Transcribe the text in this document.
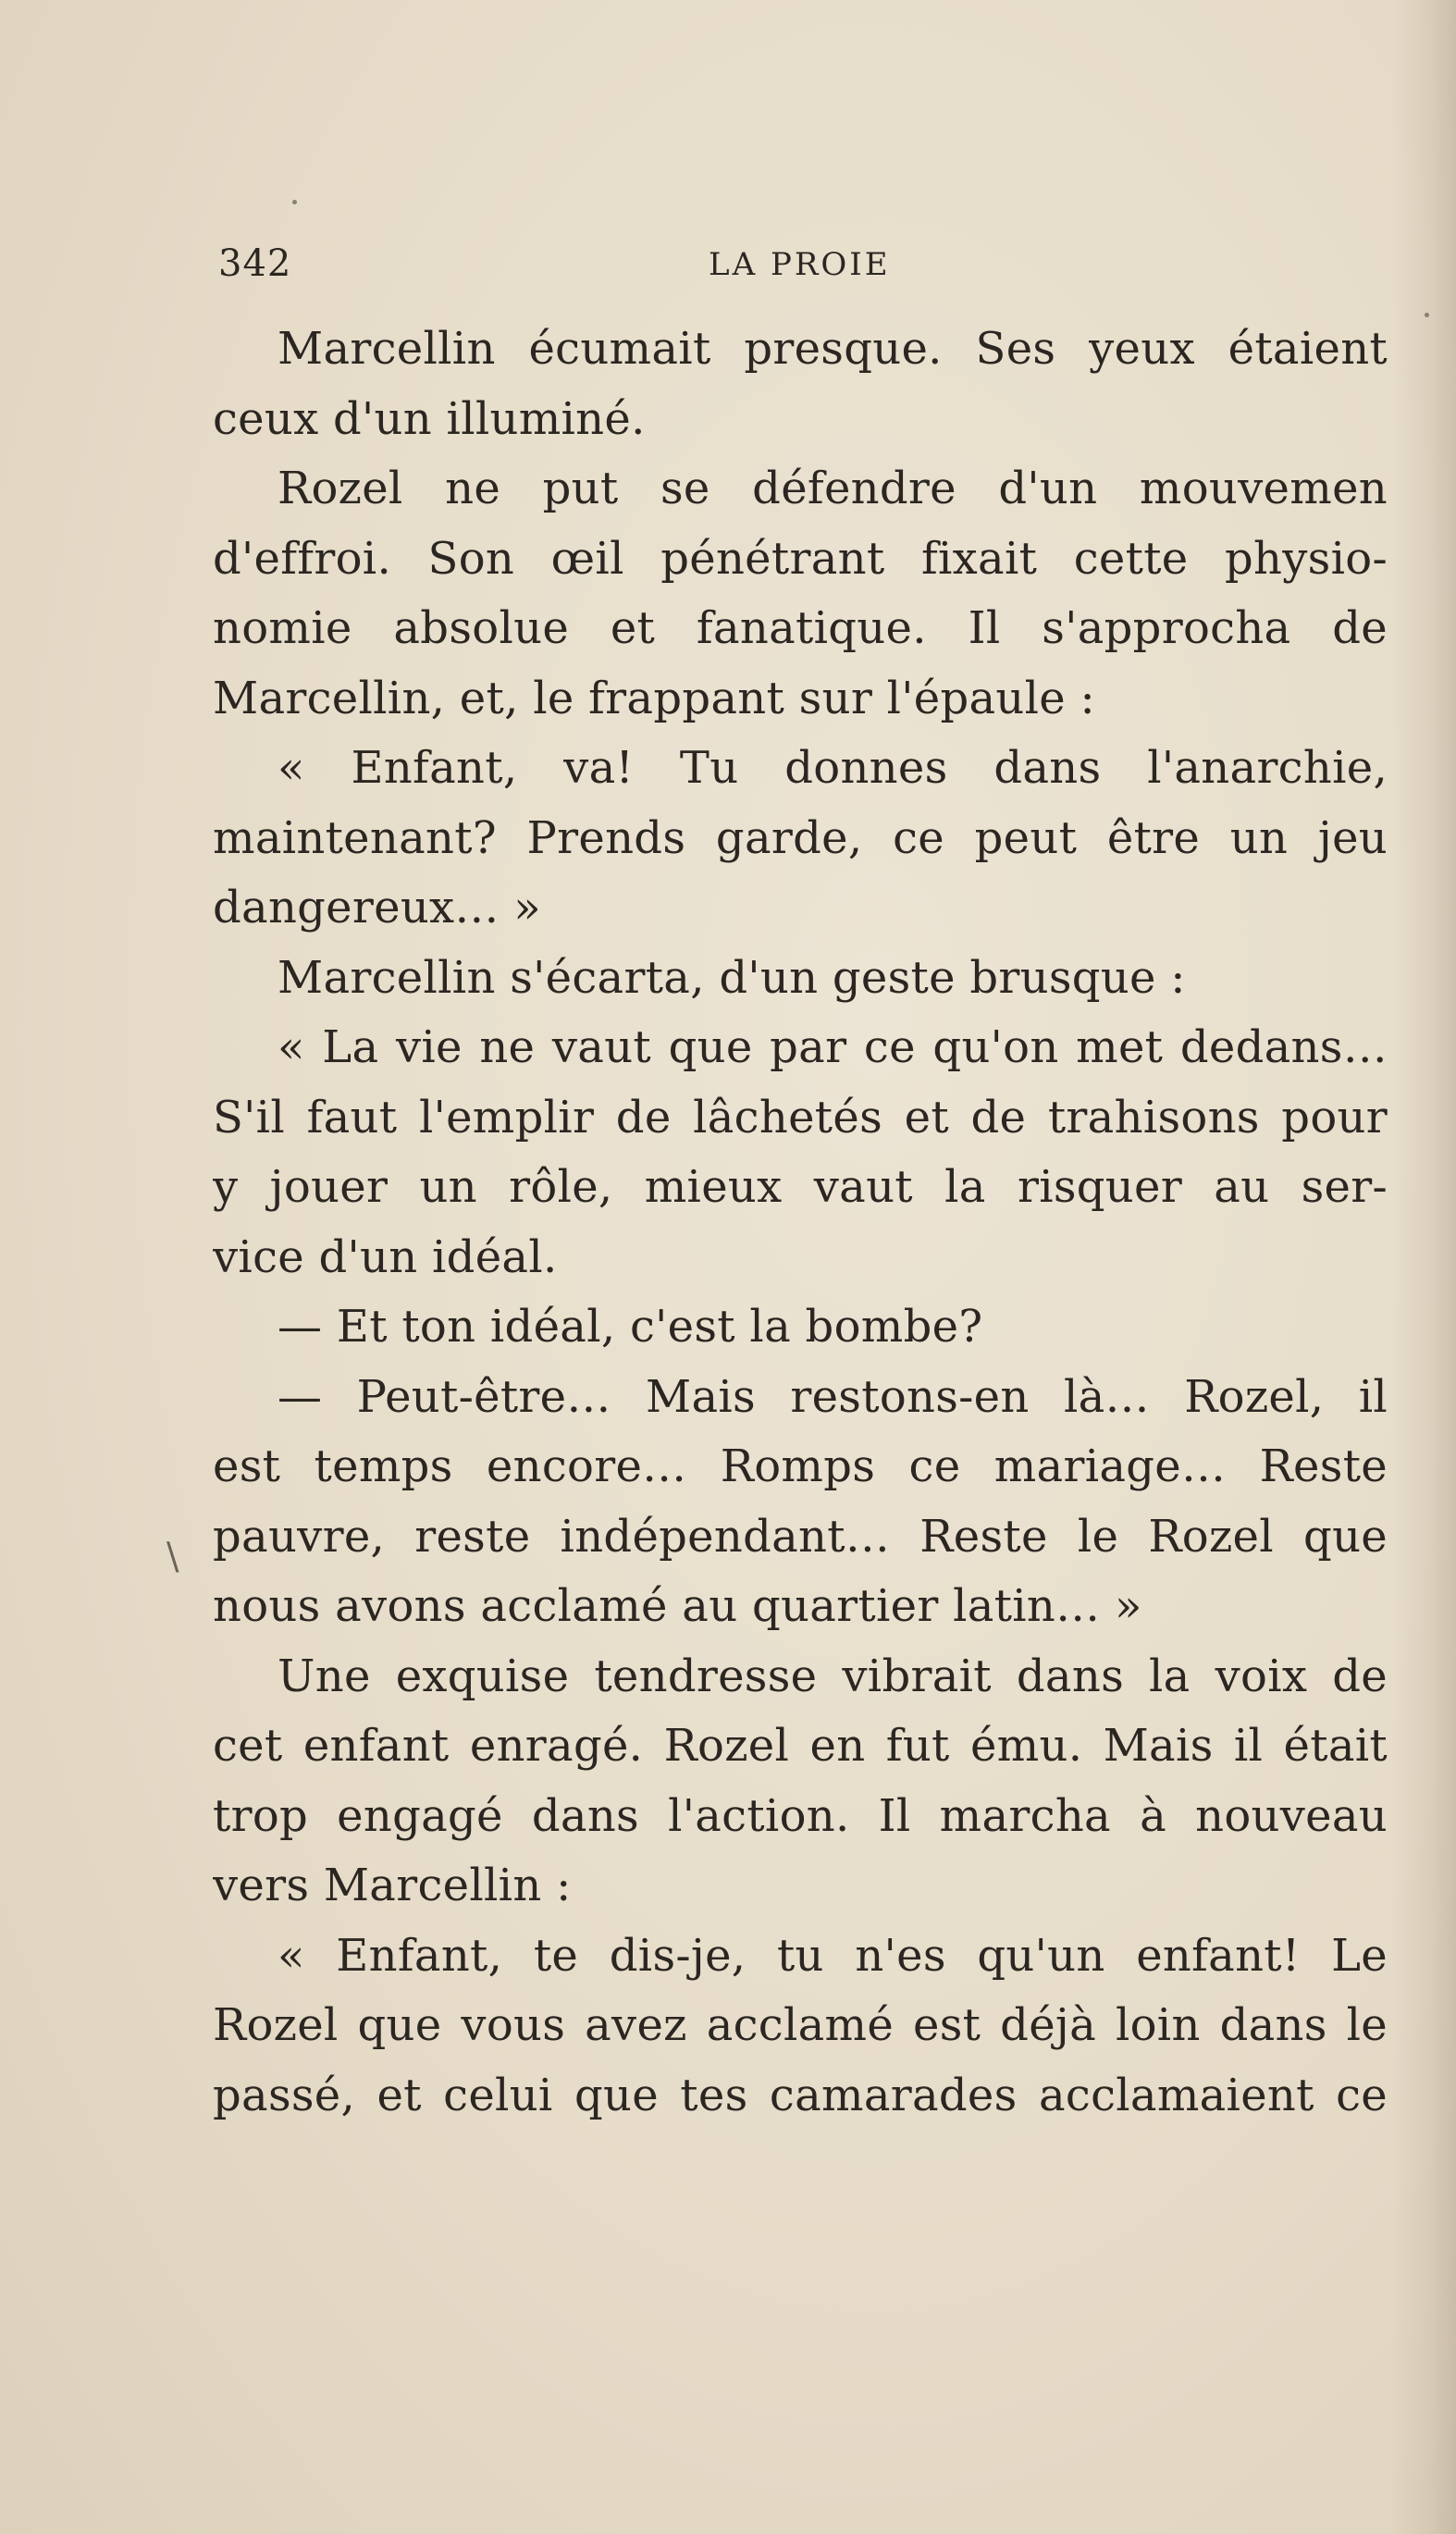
342	LA PROIE
\
Marcellin écumait presque. Ses yeux étaient
ceux d'un illuminé.
Rozel ne put se défendre d'un mouvemen
d'effroi. Son œil pénétrant fixait cette physio-
nomie absolue et fanatique. Il s'approcha de
Marcellin, et, le frappant sur l'épaule :
« Enfant, va! Tu donnes dans l'anarchie,
maintenant? Prends garde, ce peut être un jeu
dangereux… »
Marcellin s'écarta, d'un geste brusque :
« La vie ne vaut que par ce qu'on met dedans…
S'il faut l'emplir de lâchetés et de trahisons pour
y jouer un rôle, mieux vaut la risquer au ser-
vice d'un idéal.
— Et ton idéal, c'est la bombe?
— Peut-être… Mais restons-en là… Rozel, il
est temps encore… Romps ce mariage… Reste
pauvre, reste indépendant… Reste le Rozel que
nous avons acclamé au quartier latin… »
Une exquise tendresse vibrait dans la voix de
cet enfant enragé. Rozel en fut ému. Mais il était
trop engagé dans l'action. Il marcha à nouveau
vers Marcellin :
« Enfant, te dis-je, tu n'es qu'un enfant! Le
Rozel que vous avez acclamé est déjà loin dans le
passé, et celui que tes camarades acclamaient ce
